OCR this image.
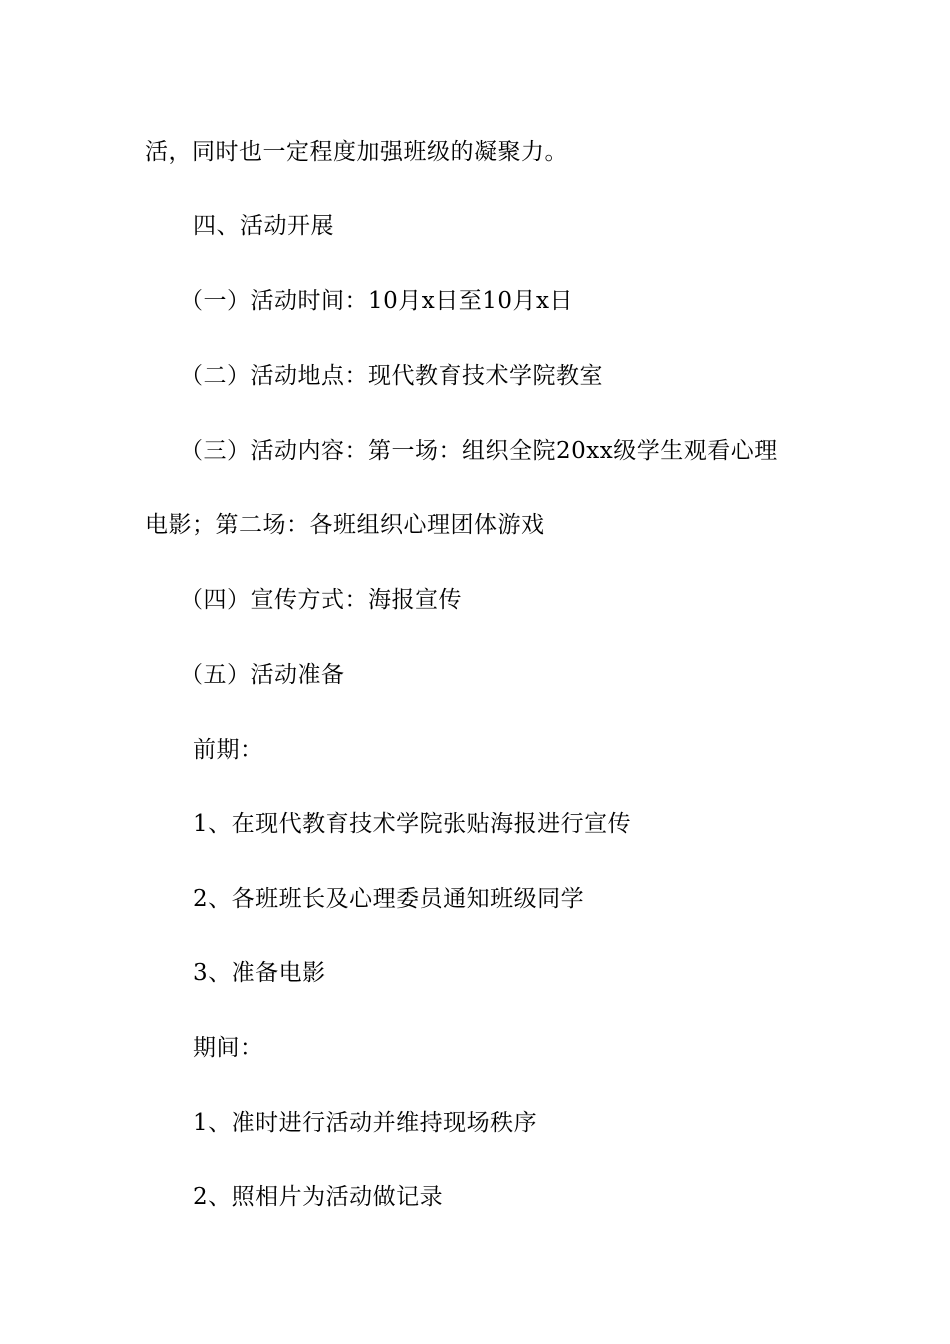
活，同时也一定程度加强班级的凝聚力。
四、活动开展
（一）活动时间：10月x日至10月x日
（二）活动地点：现代教育技术学院教室
（三）活动内容：第一场：组织全院20xx级学生观看心理
电影；第二场：各班组织心理团体游戏
（四）宣传方式：海报宣传
（五）活动准备
前期：
1、在现代教育技术学院张贴海报进行宣传
2、各班班长及心理委员通知班级同学
3、准备电影
期间：
1、准时进行活动并维持现场秩序
2、照相片为活动做记录
